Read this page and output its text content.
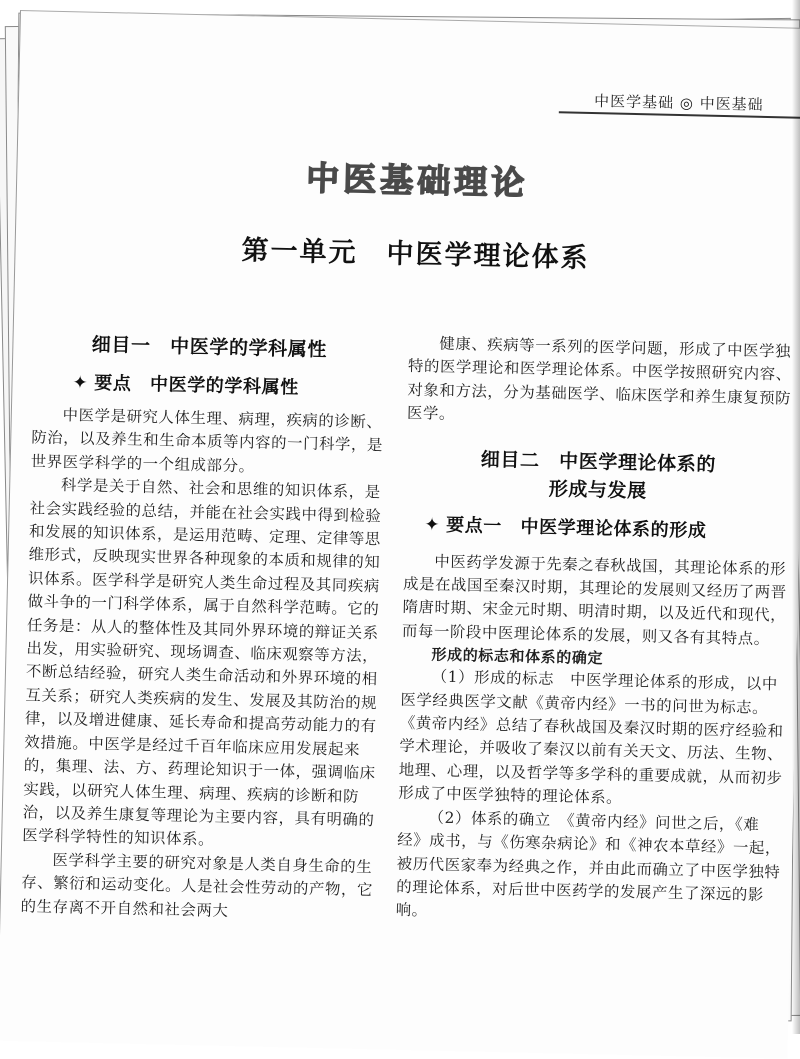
中医学基础 ◎ 中医基础
中医基础理论
第一单元　中医学理论体系
细目一　中医学的学科属性
✦ 要点　中医学的学科属性

中医学是研究人体生理、病理，疾病的诊断、防治，以及养生和生命本质等内容的一门科学，是世界医学科学的一个组成部分。

科学是关于自然、社会和思维的知识体系，是社会实践经验的总结，并能在社会实践中得到检验和发展的知识体系，是运用范畴、定理、定律等思维形式，反映现实世界各种现象的本质和规律的知识体系。医学科学是研究人类生命过程及其同疾病做斗争的一门科学体系，属于自然科学范畴。它的任务是：从人的整体性及其同外界环境的辩证关系出发，用实验研究、现场调查、临床观察等方法，不断总结经验，研究人类生命活动和外界环境的相互关系；研究人类疾病的发生、发展及其防治的规律，以及增进健康、延长寿命和提高劳动能力的有效措施。中医学是经过千百年临床应用发展起来的，集理、法、方、药理论知识于一体，强调临床实践，以研究人体生理、病理、疾病的诊断和防治，以及养生康复等理论为主要内容，具有明确的医学科学特性的知识体系。

医学科学主要的研究对象是人类自身生命的生存、繁衍和运动变化。人是社会性劳动的产物，它的生存离不开自然和社会两大

健康、疾病等一系列的医学问题，形成了中医学独特的医学理论和医学理论体系。中医学按照研究内容、对象和方法，分为基础医学、临床医学和养生康复预防医学。

细目二　中医学理论体系的
形成与发展
✦ 要点一　中医学理论体系的形成

中医药学发源于先秦之春秋战国，其理论体系的形成是在战国至秦汉时期，其理论的发展则又经历了两晋隋唐时期、宋金元时期、明清时期，以及近代和现代，而每一阶段中医理论体系的发展，则又各有其特点。

形成的标志和体系的确定

（1）形成的标志　 中医学理论体系的形成，以中医学经典医学文献《黄帝内经》一书的问世为标志。《黄帝内经》总结了春秋战国及秦汉时期的医疗经验和学术理论，并吸收了秦汉以前有关天文、历法、生物、地理、心理，以及哲学等多学科的重要成就，从而初步形成了中医学独特的理论体系。

（2）体系的确立　 《黄帝内经》问世之后，《难经》成书，与《伤寒杂病论》和《神农本草经》一起，被历代医家奉为经典之作，并由此而确立了中医学独特的理论体系，对后世中医药学的发展产生了深远的影响。
